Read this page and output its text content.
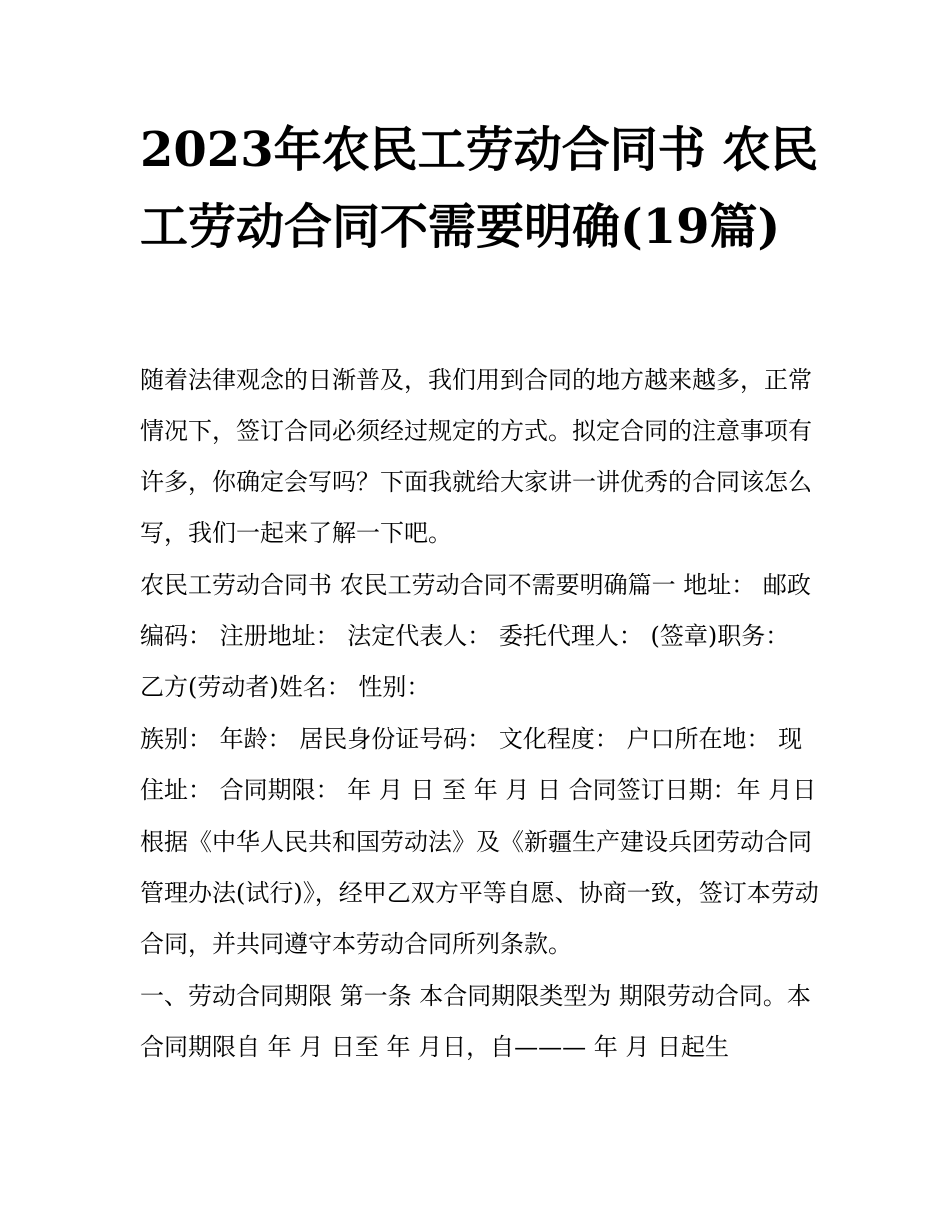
2023年农民工劳动合同书 农民工劳动合同不需要明确(19篇)

随着法律观念的日渐普及，我们用到合同的地方越来越多，正常情况下，签订合同必须经过规定的方式。拟定合同的注意事项有许多，你确定会写吗？下面我就给大家讲一讲优秀的合同该怎么写，我们一起来了解一下吧。

农民工劳动合同书 农民工劳动合同不需要明确篇一 地址： 邮政编码： 注册地址： 法定代表人： 委托代理人： (签章)职务： 乙方(劳动者)姓名： 性别：

族别： 年龄： 居民身份证号码： 文化程度： 户口所在地： 现住址： 合同期限： 年 月 日 至 年 月 日 合同签订日期：年 月日

根据《中华人民共和国劳动法》及《新疆生产建设兵团劳动合同管理办法(试行)》，经甲乙双方平等自愿、协商一致，签订本劳动合同，并共同遵守本劳动合同所列条款。

一、劳动合同期限 第一条 本合同期限类型为 期限劳动合同。本合同期限自 年 月 日至 年 月日，自——— 年 月 日起生
